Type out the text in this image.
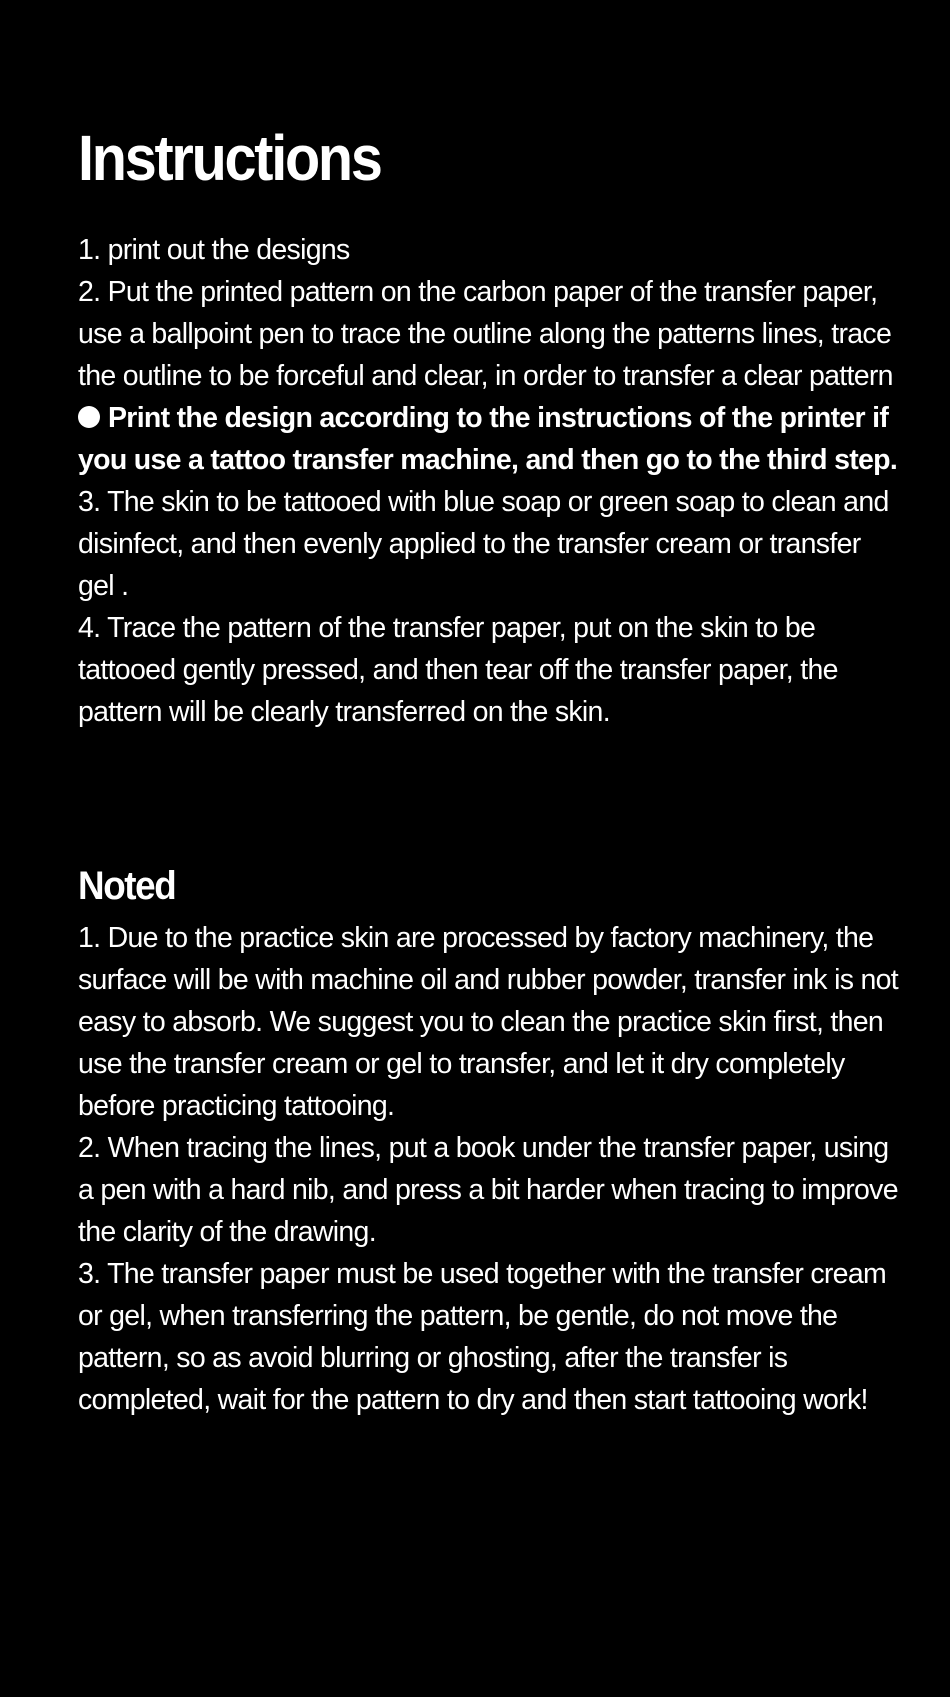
Instructions

1. print out the designs

2. Put the printed pattern on the carbon paper of the transfer paper, use a ballpoint pen to trace the outline along the patterns lines, trace the outline to be forceful and clear, in order to transfer a clear pattern

Print the design according to the instructions of the printer if you use a tattoo transfer machine, and then go to the third step.

3. The skin to be tattooed with blue soap or green soap to clean and disinfect, and then evenly applied to the transfer cream or transfer gel .

4. Trace the pattern of the transfer paper, put on the skin to be tattooed gently pressed, and then tear off the transfer paper, the pattern will be clearly transferred on the skin.

Noted

1. Due to the practice skin are processed by factory machinery, the surface will be with machine oil and rubber powder, transfer ink is not easy to absorb. We suggest you to clean the practice skin first, then use the transfer cream or gel to transfer, and let it dry completely before practicing tattooing.

2. When tracing the lines, put a book under the transfer paper, using a pen with a hard nib, and press a bit harder when tracing to improve the clarity of the drawing.

3. The transfer paper must be used together with the transfer cream or gel, when transferring the pattern, be gentle, do not move the pattern, so as avoid blurring or ghosting, after the transfer is completed, wait for the pattern to dry and then start tattooing work!
